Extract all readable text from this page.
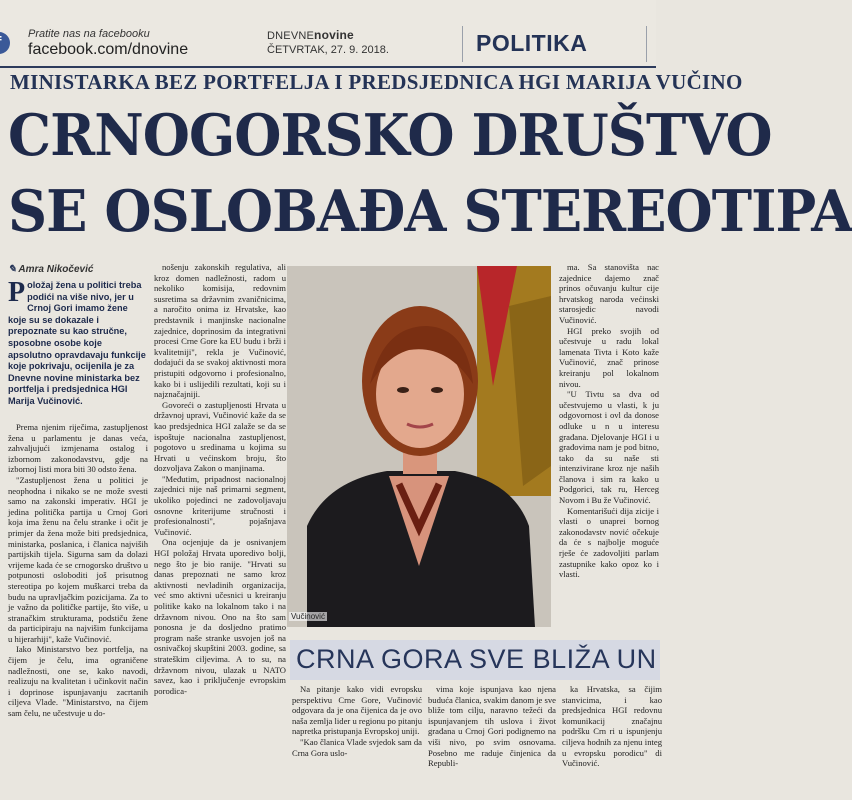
Pratite nas na facebooku
facebook.com/dnovine
DNEVNEnovine
ČETVRTAK, 27. 9. 2018.	POLITIKA
MINISTARKA BEZ PORTFELJA I PREDSJEDNICA HGI MARIJA VUČINO
CRNOGORSKO DRUŠTVO
SE OSLOBAĐA STEREOTIPA
✎ Amra Nikočević
Položaj žena u politici treba podići na više nivo, jer u Crnoj Gori imamo žene koje su se dokazale i prepoznate su kao stručne, sposobne osobe koje apsolutno opravdavaju funkcije koje pokrivaju, ocijenila je za Dnevne novine ministarka bez portfelja i predsjednica HGI Marija Vučinović.

Prema njenim riječima, zastupljenost žena u parlamentu je danas veća, zahvaljujući izmjenama ostalog i izbornom zakonodavstvu, gdje na izbornoj listi mora biti 30 odsto žena.

"Zastupljenost žena u politici je neophodna i nikako se ne može svesti samo na zakonski imperativ. HGI je jedina politička partija u Crnoj Gori koja ima ženu na čelu stranke i očit je primjer da žena može biti predsjednica, ministarka, poslanica, i članica najviših partijskih tijela. Sigurna sam da dolazi vrijeme kada će se crnogorsko društvo u potpunosti osloboditi još prisutnog stereotipa po kojem muškarci treba da budu na upravljačkim pozicijama. Za to je važno da političke partije, što više, u stranačkim strukturama, podstiču žene da participiraju na najvišim funkcijama u hijerarhiji", kaže Vučinović.

Iako Ministarstvo bez portfelja, na čijem je čelu, ima ograničene nadležnosti, one se, kako navodi, realizuju na kvalitetan i učinkovit način i doprinose ispunjavanju zacrtanih ciljeva Vlade. "Ministarstvo, na čijem sam čelu, ne učestvuje u do-

nošenju zakonskih regulativa, ali kroz domen nadležnosti, radom u nekoliko komisija, redovnim susretima sa državnim zvaničnicima, a naročito onima iz Hrvatske, kao predstavnik i manjinske nacionalne zajednice, doprinosim da integrativni procesi Crne Gore ka EU budu i brži i kvalitetniji", rekla je Vučinović, dodajući da se svakoj aktivnosti mora pristupiti odgovorno i profesionalno, kako bi i uslijedili rezultati, koji su i najznačajniji.

Govoreći o zastupljenosti Hrvata u državnoj upravi, Vučinović kaže da se kao predsjednica HGI zalaže se da se ispoštuje nacionalna zastupljenost, pogotovo u sredinama u kojima su Hrvati u većinskom broju, što dozvoljava Zakon o manjinama.

"Međutim, pripadnost nacionalnoj zajednici nije naš primarni segment, ukoliko pojedinci ne zadovoljavaju osnovne kriterijume stručnosti i profesionalnosti", pojašnjava Vučinović.

Ona ocjenjuje da je osnivanjem HGI položaj Hrvata uporedivo bolji, nego što je bio ranije. "Hrvati su danas prepoznati ne samo kroz aktivnosti nevladinih organizacija, već smo aktivni učesnici u kreiranju politike kako na lokalnom tako i na državnom nivou. Ono na što sam ponosna je da dosljedno pratimo program naše stranke usvojen još na osnivačkoj skupštini 2003. godine, sa strateškim ciljevima. A to su, na državnom nivou, ulazak u NATO savez, kao i priključenje evropskim porodica-

Vučinović

ma. Sa stanovišta nac zajednice dajemo znač prinos očuvanju kultur cije hrvatskog naroda većinski starosjedic navodi Vučinović.

HGI preko svojih od učestvuje u radu lokal lamenata Tivta i Koto kaže Vučinović, znač prinose kreiranju pol lokalnom nivou.

"U Tivtu sa dva od učestvujemo u vlasti, k ju odgovornost i ovl da donose odluke u n u interesu građana. Djelovanje HGI i u građovima nam je pod bitno, tako da su naše sti intenzivirane kroz nje naših članova i sim ra kako u Podgorici, tak ru, Herceg Novom i Bu že Vučinović.

Komentarišući dija zicije i vlasti o unaprei bornog zakonodavstv nović očekuje da će s najbolje moguće rješe će zadovoljiti parlam zastupnike kako opoz ko i vlasti.

CRNA GORA SVE BLIŽA UN

Na pitanje kako vidi evropsku perspektivu Crne Gore, Vučinović odgovara da je ona čijenica da je ovo naša zemlja lider u regionu po pitanju napretka pristupanja Evropskoj uniji.

"Kao članica Vlade svjedok sam da Crna Gora uslo-

vima koje ispunjava kao njena buduća članica, svakim danom je sve bliže tom cilju, naravno težeći da ispunjavanjem tih uslova i život građana u Crnoj Gori podignemo na viši nivo, po svim osnovama. Posebno me raduje činjenica da Republi-

ka Hrvatska, sa čijim stanvicima, i kao predsjednica HGI redovnu komunikacij značajnu podršku Crn ri u ispunjenju ciljeva hodnih za njenu integ u evropsku porodicu" di Vučinović.
